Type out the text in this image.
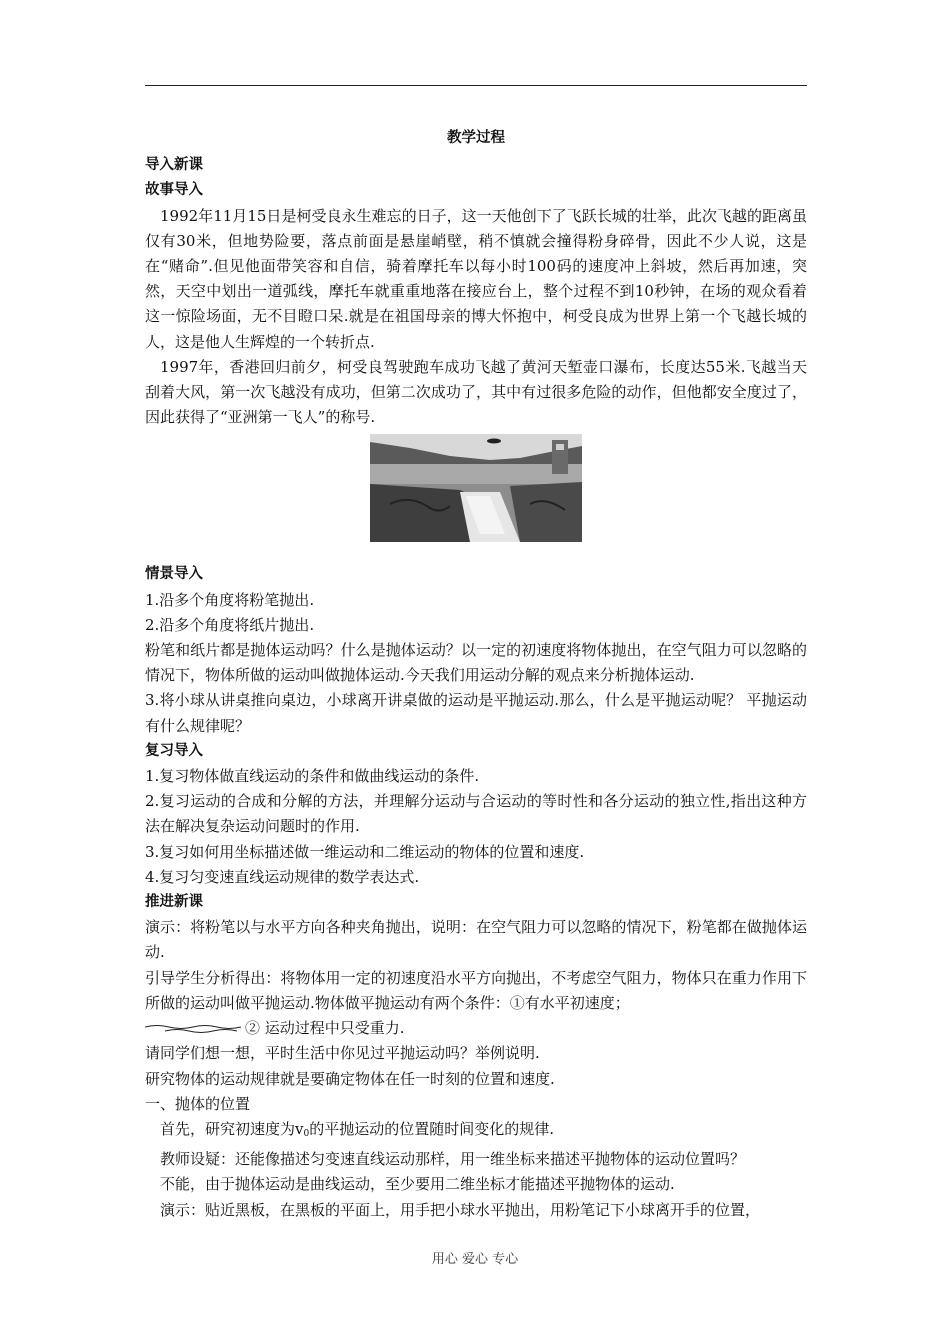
教学过程
导入新课
故事导入

1992年11月15日是柯受良永生难忘的日子，这一天他创下了飞跃长城的壮举，此次飞越的距离虽仅有30米，但地势险要，落点前面是悬崖峭壁，稍不慎就会撞得粉身碎骨，因此不少人说，这是在“赌命”.但见他面带笑容和自信，骑着摩托车以每小时100码的速度冲上斜坡，然后再加速，突然，天空中划出一道弧线，摩托车就重重地落在接应台上，整个过程不到10秒钟，在场的观众看着这一惊险场面，无不目瞪口呆.就是在祖国母亲的博大怀抱中，柯受良成为世界上第一个飞越长城的人，这是他人生辉煌的一个转折点.

1997年，香港回归前夕，柯受良驾驶跑车成功飞越了黄河天堑壶口瀑布，长度达55米.飞越当天刮着大风，第一次飞越没有成功，但第二次成功了，其中有过很多危险的动作，但他都安全度过了，因此获得了“亚洲第一飞人”的称号.

情景导入

1.沿多个角度将粉笔抛出.

2.沿多个角度将纸片抛出.

粉笔和纸片都是抛体运动吗？什么是抛体运动？以一定的初速度将物体抛出，在空气阻力可以忽略的情况下，物体所做的运动叫做抛体运动.今天我们用运动分解的观点来分析抛体运动.

3.将小球从讲桌推向桌边，小球离开讲桌做的运动是平抛运动.那么，什么是平抛运动呢？ 平抛运动有什么规律呢？

复习导入

1.复习物体做直线运动的条件和做曲线运动的条件.

2.复习运动的合成和分解的方法，并理解分运动与合运动的等时性和各分运动的独立性,指出这种方法在解决复杂运动问题时的作用.

3.复习如何用坐标描述做一维运动和二维运动的物体的位置和速度.

4.复习匀变速直线运动规律的数学表达式.

推进新课

演示：将粉笔以与水平方向各种夹角抛出，说明：在空气阻力可以忽略的情况下，粉笔都在做抛体运动.

引导学生分析得出：将物体用一定的初速度沿水平方向抛出，不考虑空气阻力，物体只在重力作用下所做的运动叫做平抛运动.物体做平抛运动有两个条件：①有水平初速度；

② 运动过程中只受重力.

请同学们想一想，平时生活中你见过平抛运动吗？举例说明.

研究物体的运动规律就是要确定物体在任一时刻的位置和速度.

一、抛体的位置

首先，研究初速度为$v_0$的平抛运动的位置随时间变化的规律.

教师设疑：还能像描述匀变速直线运动那样，用一维坐标来描述平抛物体的运动位置吗？

不能，由于抛体运动是曲线运动，至少要用二维坐标才能描述平抛物体的运动.

演示：贴近黑板，在黑板的平面上，用手把小球水平抛出，用粉笔记下小球离开手的位置，

用心 爱心 专心
